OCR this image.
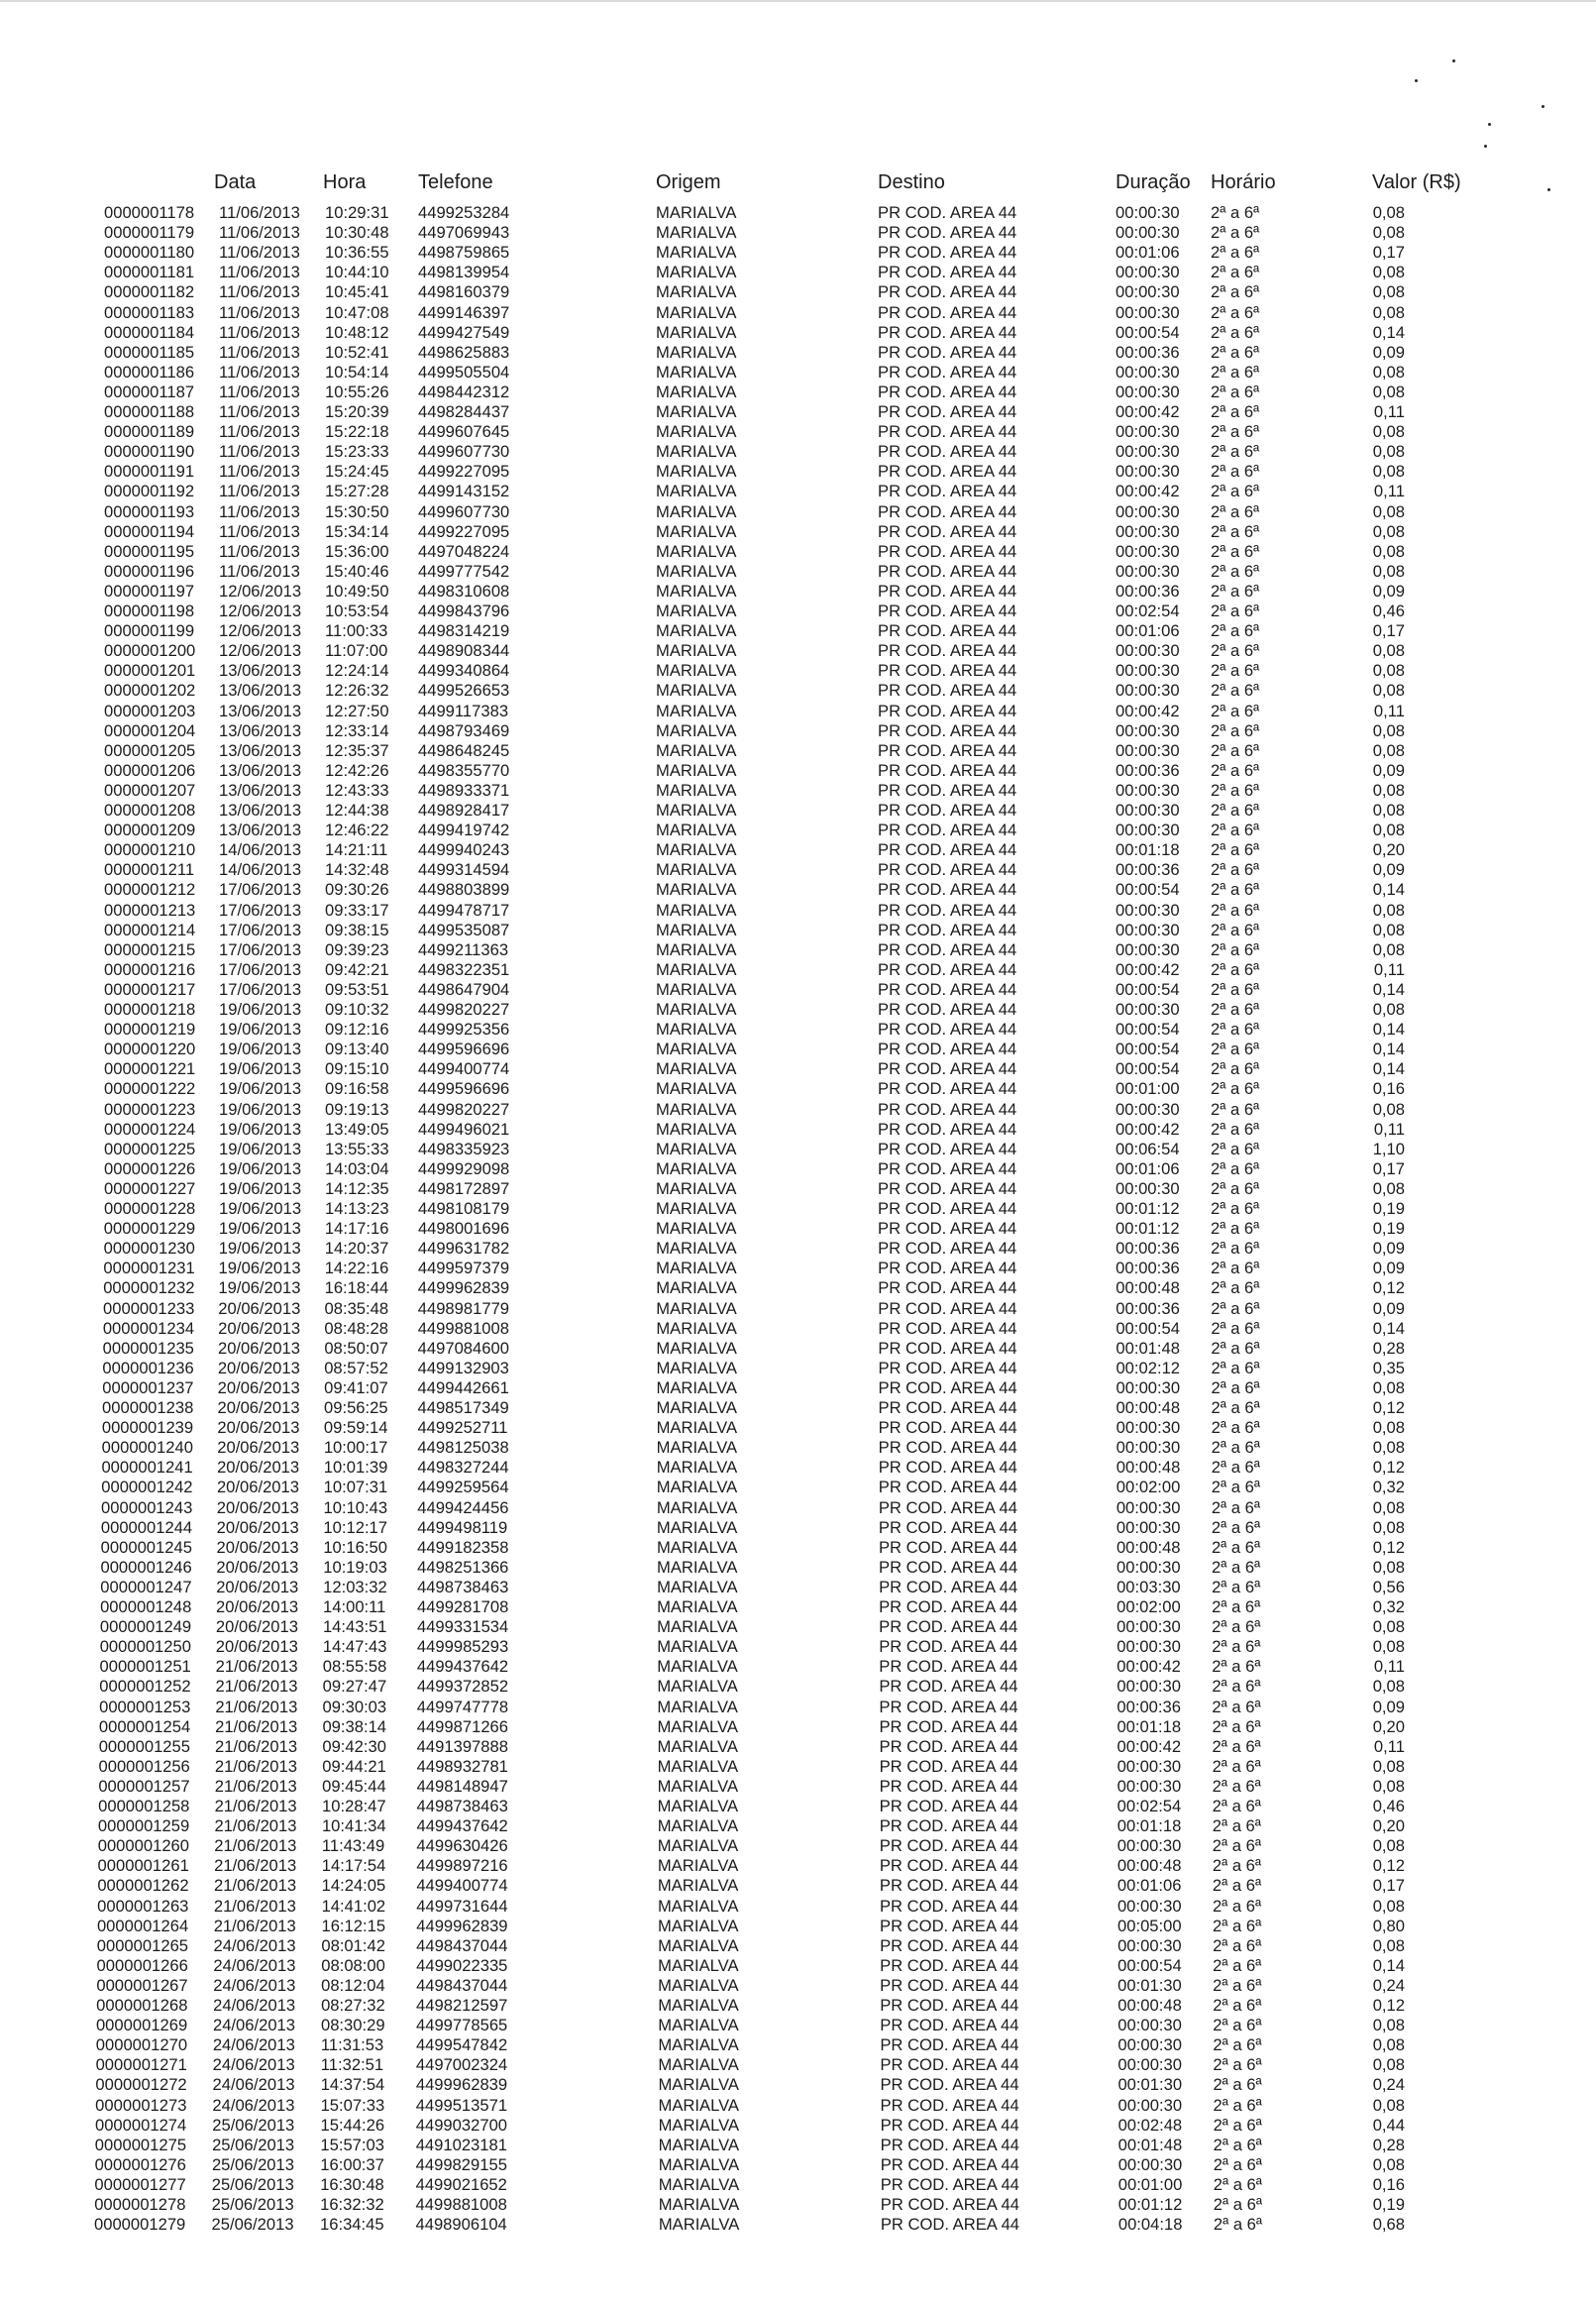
Data	Hora	Telefone	Origem	Destino	Duração Horário	Valor (R$)
0000001178 11/06/2013 10:29:31 4499253284	MARIALVA	PR COD. AREA 44	00:00:30 2ª a 6ª	0,08
0000001179 11/06/2013 10:30:48 4497069943	MARIALVA	PR COD. AREA 44	00:00:30 2ª a 6ª	0,08
0000001180 11/06/2013 10:36:55 4498759865	MARIALVA	PR COD. AREA 44	00:01:06 2ª a 6ª	0,17
0000001181 11/06/2013 10:44:10 4498139954	MARIALVA	PR COD. AREA 44	00:00:30 2ª a 6ª	0,08
0000001182 11/06/2013 10:45:41 4498160379	MARIALVA	PR COD. AREA 44	00:00:30 2ª a 6ª	0,08
0000001183 11/06/2013 10:47:08 4499146397	MARIALVA	PR COD. AREA 44	00:00:30 2ª a 6ª	0,08
0000001184 11/06/2013 10:48:12 4499427549	MARIALVA	PR COD. AREA 44	00:00:54 2ª a 6ª	0,14
0000001185 11/06/2013 10:52:41 4498625883	MARIALVA	PR COD. AREA 44	00:00:36 2ª a 6ª	0,09
0000001186 11/06/2013 10:54:14 4499505504	MARIALVA	PR COD. AREA 44	00:00:30 2ª a 6ª	0,08
0000001187 11/06/2013 10:55:26 4498442312	MARIALVA	PR COD. AREA 44	00:00:30 2ª a 6ª	0,08
0000001188 11/06/2013 15:20:39 4498284437	MARIALVA	PR COD. AREA 44	00:00:42 2ª a 6ª	0,11
0000001189 11/06/2013 15:22:18 4499607645	MARIALVA	PR COD. AREA 44	00:00:30 2ª a 6ª	0,08
0000001190 11/06/2013 15:23:33 4499607730	MARIALVA	PR COD. AREA 44	00:00:30 2ª a 6ª	0,08
0000001191 11/06/2013 15:24:45 4499227095	MARIALVA	PR COD. AREA 44	00:00:30 2ª a 6ª	0,08
0000001192 11/06/2013 15:27:28 4499143152	MARIALVA	PR COD. AREA 44	00:00:42 2ª a 6ª	0,11
0000001193 11/06/2013 15:30:50 4499607730	MARIALVA	PR COD. AREA 44	00:00:30 2ª a 6ª	0,08
0000001194 11/06/2013 15:34:14 4499227095	MARIALVA	PR COD. AREA 44	00:00:30 2ª a 6ª	0,08
0000001195 11/06/2013 15:36:00 4497048224	MARIALVA	PR COD. AREA 44	00:00:30 2ª a 6ª	0,08
0000001196 11/06/2013 15:40:46 4499777542	MARIALVA	PR COD. AREA 44	00:00:30 2ª a 6ª	0,08
0000001197 12/06/2013 10:49:50 4498310608	MARIALVA	PR COD. AREA 44	00:00:36 2ª a 6ª	0,09
0000001198 12/06/2013 10:53:54 4499843796	MARIALVA	PR COD. AREA 44	00:02:54 2ª a 6ª	0,46
0000001199 12/06/2013 11:00:33 4498314219	MARIALVA	PR COD. AREA 44	00:01:06 2ª a 6ª	0,17
0000001200 12/06/2013 11:07:00 4498908344	MARIALVA	PR COD. AREA 44	00:00:30 2ª a 6ª	0,08
0000001201 13/06/2013 12:24:14 4499340864	MARIALVA	PR COD. AREA 44	00:00:30 2ª a 6ª	0,08
0000001202 13/06/2013 12:26:32 4499526653	MARIALVA	PR COD. AREA 44	00:00:30 2ª a 6ª	0,08
0000001203 13/06/2013 12:27:50 4499117383	MARIALVA	PR COD. AREA 44	00:00:42 2ª a 6ª	0,11
0000001204 13/06/2013 12:33:14 4498793469	MARIALVA	PR COD. AREA 44	00:00:30 2ª a 6ª	0,08
0000001205 13/06/2013 12:35:37 4498648245	MARIALVA	PR COD. AREA 44	00:00:30 2ª a 6ª	0,08
0000001206 13/06/2013 12:42:26 4498355770	MARIALVA	PR COD. AREA 44	00:00:36 2ª a 6ª	0,09
0000001207 13/06/2013 12:43:33 4498933371	MARIALVA	PR COD. AREA 44	00:00:30 2ª a 6ª	0,08
0000001208 13/06/2013 12:44:38 4498928417	MARIALVA	PR COD. AREA 44	00:00:30 2ª a 6ª	0,08
0000001209 13/06/2013 12:46:22 4499419742	MARIALVA	PR COD. AREA 44	00:00:30 2ª a 6ª	0,08
0000001210 14/06/2013 14:21:11 4499940243	MARIALVA	PR COD. AREA 44	00:01:18 2ª a 6ª	0,20
0000001211 14/06/2013 14:32:48 4499314594	MARIALVA	PR COD. AREA 44	00:00:36 2ª a 6ª	0,09
0000001212 17/06/2013 09:30:26 4498803899	MARIALVA	PR COD. AREA 44	00:00:54 2ª a 6ª	0,14
0000001213 17/06/2013 09:33:17 4499478717	MARIALVA	PR COD. AREA 44	00:00:30 2ª a 6ª	0,08
0000001214 17/06/2013 09:38:15 4499535087	MARIALVA	PR COD. AREA 44	00:00:30 2ª a 6ª	0,08
0000001215 17/06/2013 09:39:23 4499211363	MARIALVA	PR COD. AREA 44	00:00:30 2ª a 6ª	0,08
0000001216 17/06/2013 09:42:21 4498322351	MARIALVA	PR COD. AREA 44	00:00:42 2ª a 6ª	0,11
0000001217 17/06/2013 09:53:51 4498647904	MARIALVA	PR COD. AREA 44	00:00:54 2ª a 6ª	0,14
0000001218 19/06/2013 09:10:32 4499820227	MARIALVA	PR COD. AREA 44	00:00:30 2ª a 6ª	0,08
0000001219 19/06/2013 09:12:16 4499925356	MARIALVA	PR COD. AREA 44	00:00:54 2ª a 6ª	0,14
0000001220 19/06/2013 09:13:40 4499596696	MARIALVA	PR COD. AREA 44	00:00:54 2ª a 6ª	0,14
0000001221 19/06/2013 09:15:10 4499400774	MARIALVA	PR COD. AREA 44	00:00:54 2ª a 6ª	0,14
0000001222 19/06/2013 09:16:58 4499596696	MARIALVA	PR COD. AREA 44	00:01:00 2ª a 6ª	0,16
0000001223 19/06/2013 09:19:13 4499820227	MARIALVA	PR COD. AREA 44	00:00:30 2ª a 6ª	0,08
0000001224 19/06/2013 13:49:05 4499496021	MARIALVA	PR COD. AREA 44	00:00:42 2ª a 6ª	0,11
0000001225 19/06/2013 13:55:33 4498335923	MARIALVA	PR COD. AREA 44	00:06:54 2ª a 6ª	1,10
0000001226 19/06/2013 14:03:04 4499929098	MARIALVA	PR COD. AREA 44	00:01:06 2ª a 6ª	0,17
0000001227 19/06/2013 14:12:35 4498172897	MARIALVA	PR COD. AREA 44	00:00:30 2ª a 6ª	0,08
0000001228 19/06/2013 14:13:23 4498108179	MARIALVA	PR COD. AREA 44	00:01:12 2ª a 6ª	0,19
0000001229 19/06/2013 14:17:16 4498001696	MARIALVA	PR COD. AREA 44	00:01:12 2ª a 6ª	0,19
0000001230 19/06/2013 14:20:37 4499631782	MARIALVA	PR COD. AREA 44	00:00:36 2ª a 6ª	0,09
0000001231 19/06/2013 14:22:16 4499597379	MARIALVA	PR COD. AREA 44	00:00:36 2ª a 6ª	0,09
0000001232 19/06/2013 16:18:44 4499962839	MARIALVA	PR COD. AREA 44	00:00:48 2ª a 6ª	0,12
0000001233 20/06/2013 08:35:48 4498981779	MARIALVA	PR COD. AREA 44	00:00:36 2ª a 6ª	0,09
0000001234 20/06/2013 08:48:28 4499881008	MARIALVA	PR COD. AREA 44	00:00:54 2ª a 6ª	0,14
0000001235 20/06/2013 08:50:07 4497084600	MARIALVA	PR COD. AREA 44	00:01:48 2ª a 6ª	0,28
0000001236 20/06/2013 08:57:52 4499132903	MARIALVA	PR COD. AREA 44	00:02:12 2ª a 6ª	0,35
0000001237 20/06/2013 09:41:07 4499442661	MARIALVA	PR COD. AREA 44	00:00:30 2ª a 6ª	0,08
0000001238 20/06/2013 09:56:25 4498517349	MARIALVA	PR COD. AREA 44	00:00:48 2ª a 6ª	0,12
0000001239 20/06/2013 09:59:14 4499252711	MARIALVA	PR COD. AREA 44	00:00:30 2ª a 6ª	0,08
0000001240 20/06/2013 10:00:17 4498125038	MARIALVA	PR COD. AREA 44	00:00:30 2ª a 6ª	0,08
0000001241 20/06/2013 10:01:39 4498327244	MARIALVA	PR COD. AREA 44	00:00:48 2ª a 6ª	0,12
0000001242 20/06/2013 10:07:31 4499259564	MARIALVA	PR COD. AREA 44	00:02:00 2ª a 6ª	0,32
0000001243 20/06/2013 10:10:43 4499424456	MARIALVA	PR COD. AREA 44	00:00:30 2ª a 6ª	0,08
0000001244 20/06/2013 10:12:17 4499498119	MARIALVA	PR COD. AREA 44	00:00:30 2ª a 6ª	0,08
0000001245 20/06/2013 10:16:50 4499182358	MARIALVA	PR COD. AREA 44	00:00:48 2ª a 6ª	0,12
0000001246 20/06/2013 10:19:03 4498251366	MARIALVA	PR COD. AREA 44	00:00:30 2ª a 6ª	0,08
0000001247 20/06/2013 12:03:32 4498738463	MARIALVA	PR COD. AREA 44	00:03:30 2ª a 6ª	0,56
0000001248 20/06/2013 14:00:11 4499281708	MARIALVA	PR COD. AREA 44	00:02:00 2ª a 6ª	0,32
0000001249 20/06/2013 14:43:51 4499331534	MARIALVA	PR COD. AREA 44	00:00:30 2ª a 6ª	0,08
0000001250 20/06/2013 14:47:43 4499985293	MARIALVA	PR COD. AREA 44	00:00:30 2ª a 6ª	0,08
0000001251 21/06/2013 08:55:58 4499437642	MARIALVA	PR COD. AREA 44	00:00:42 2ª a 6ª	0,11
0000001252 21/06/2013 09:27:47 4499372852	MARIALVA	PR COD. AREA 44	00:00:30 2ª a 6ª	0,08
0000001253 21/06/2013 09:30:03 4499747778	MARIALVA	PR COD. AREA 44	00:00:36 2ª a 6ª	0,09
0000001254 21/06/2013 09:38:14 4499871266	MARIALVA	PR COD. AREA 44	00:01:18 2ª a 6ª	0,20
0000001255 21/06/2013 09:42:30 4491397888	MARIALVA	PR COD. AREA 44	00:00:42 2ª a 6ª	0,11
0000001256 21/06/2013 09:44:21 4498932781	MARIALVA	PR COD. AREA 44	00:00:30 2ª a 6ª	0,08
0000001257 21/06/2013 09:45:44 4498148947	MARIALVA	PR COD. AREA 44	00:00:30 2ª a 6ª	0,08
0000001258 21/06/2013 10:28:47 4498738463	MARIALVA	PR COD. AREA 44	00:02:54 2ª a 6ª	0,46
0000001259 21/06/2013 10:41:34 4499437642	MARIALVA	PR COD. AREA 44	00:01:18 2ª a 6ª	0,20
0000001260 21/06/2013 11:43:49 4499630426	MARIALVA	PR COD. AREA 44	00:00:30 2ª a 6ª	0,08
0000001261 21/06/2013 14:17:54 4499897216	MARIALVA	PR COD. AREA 44	00:00:48 2ª a 6ª	0,12
0000001262 21/06/2013 14:24:05 4499400774	MARIALVA	PR COD. AREA 44	00:01:06 2ª a 6ª	0,17
0000001263 21/06/2013 14:41:02 4499731644	MARIALVA	PR COD. AREA 44	00:00:30 2ª a 6ª	0,08
0000001264 21/06/2013 16:12:15 4499962839	MARIALVA	PR COD. AREA 44	00:05:00 2ª a 6ª	0,80
0000001265 24/06/2013 08:01:42 4498437044	MARIALVA	PR COD. AREA 44	00:00:30 2ª a 6ª	0,08
0000001266 24/06/2013 08:08:00 4499022335	MARIALVA	PR COD. AREA 44	00:00:54 2ª a 6ª	0,14
0000001267 24/06/2013 08:12:04 4498437044	MARIALVA	PR COD. AREA 44	00:01:30 2ª a 6ª	0,24
0000001268 24/06/2013 08:27:32 4498212597	MARIALVA	PR COD. AREA 44	00:00:48 2ª a 6ª	0,12
0000001269 24/06/2013 08:30:29 4499778565	MARIALVA	PR COD. AREA 44	00:00:30 2ª a 6ª	0,08
0000001270 24/06/2013 11:31:53 4499547842	MARIALVA	PR COD. AREA 44	00:00:30 2ª a 6ª	0,08
0000001271 24/06/2013 11:32:51 4497002324	MARIALVA	PR COD. AREA 44	00:00:30 2ª a 6ª	0,08
0000001272 24/06/2013 14:37:54 4499962839	MARIALVA	PR COD. AREA 44	00:01:30 2ª a 6ª	0,24
0000001273 24/06/2013 15:07:33 4499513571	MARIALVA	PR COD. AREA 44	00:00:30 2ª a 6ª	0,08
0000001274 25/06/2013 15:44:26 4499032700	MARIALVA	PR COD. AREA 44	00:02:48 2ª a 6ª	0,44
0000001275 25/06/2013 15:57:03 4491023181	MARIALVA	PR COD. AREA 44	00:01:48 2ª a 6ª	0,28
0000001276 25/06/2013 16:00:37 4499829155	MARIALVA	PR COD. AREA 44	00:00:30 2ª a 6ª	0,08
0000001277 25/06/2013 16:30:48 4499021652	MARIALVA	PR COD. AREA 44	00:01:00 2ª a 6ª	0,16
0000001278 25/06/2013 16:32:32 4499881008	MARIALVA	PR COD. AREA 44	00:01:12 2ª a 6ª	0,19
0000001279 25/06/2013 16:34:45 4498906104	MARIALVA	PR COD. AREA 44	00:04:18 2ª a 6ª	0,68
